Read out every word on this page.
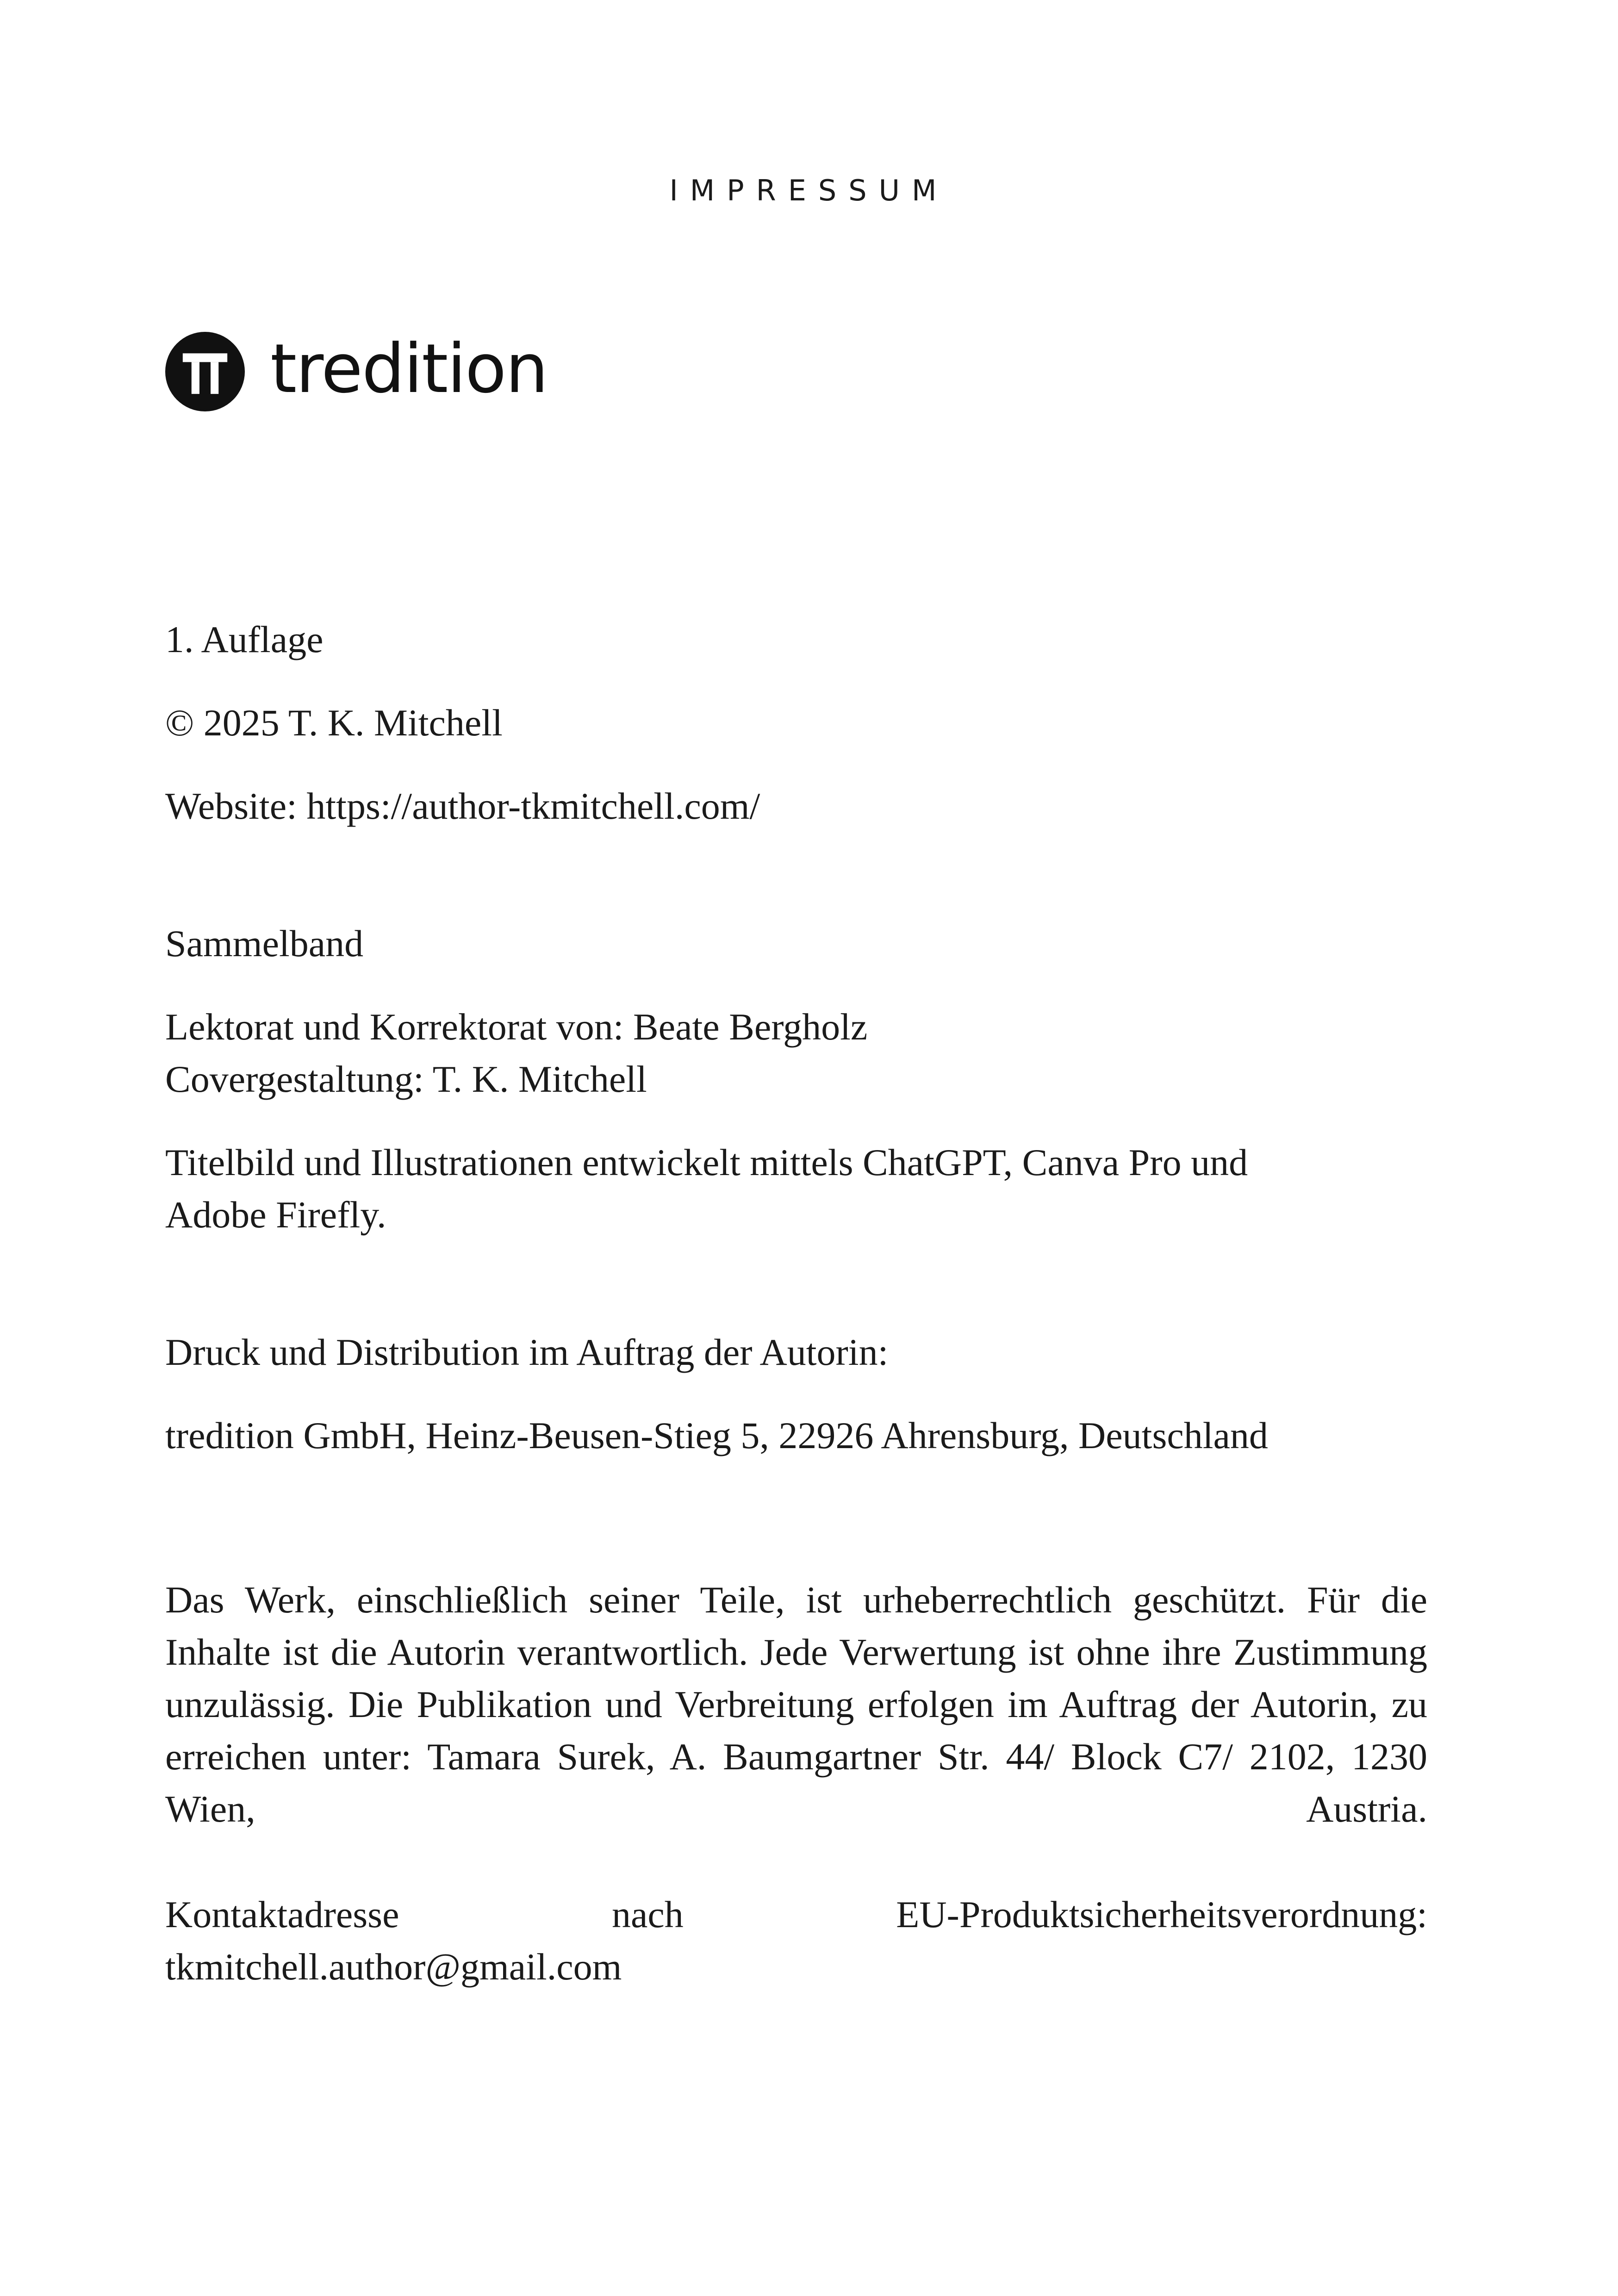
IMPRESSUM
tredition

1. Auflage

© 2025 T. K. Mitchell

Website: https://author-tkmitchell.com/

Sammelband

Lektorat und Korrektorat von: Beate Bergholz

Covergestaltung: T. K. Mitchell

Titelbild und Illustrationen entwickelt mittels ChatGPT, Canva Pro und

Adobe Firefly.

Druck und Distribution im Auftrag der Autorin:

tredition GmbH, Heinz-Beusen-Stieg 5, 22926 Ahrensburg, Deutschland

Das Werk, einschließlich seiner Teile, ist urheberrechtlich geschützt. Für die Inhalte ist die Autorin verantwortlich. Jede Verwertung ist ohne ihre Zustimmung unzulässig. Die Publikation und Verbreitung erfolgen im Auftrag der Autorin, zu erreichen unter: Tamara Surek, A. Baumgartner Str. 44/ Block C7/ 2102, 1230 Wien, Austria.

Kontaktadresse nach EU-Produktsicherheitsverordnung:

tkmitchell.author@gmail.com
